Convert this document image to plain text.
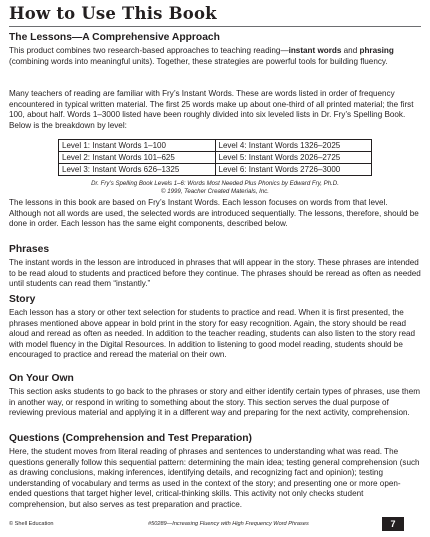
How to Use This Book
The Lessons—A Comprehensive Approach
This product combines two research-based approaches to teaching reading—instant words and phrasing (combining words into meaningful units). Together, these strategies are powerful tools for building fluency.
Many teachers of reading are familiar with Fry’s Instant Words. These are words listed in order of frequency encountered in typical written material. The first 25 words make up about one-third of all printed material; the first 100, about half. Words 1–3000 listed have been roughly divided into six leveled lists in Dr. Fry’s Spelling Book. Below is the breakdown by level:
Level 1: Instant Words 1–100	Level 4: Instant Words 1326–2025
Level 2: Instant Words 101–625	Level 5: Instant Words 2026–2725
Level 3: Instant Words 626–1325	Level 6: Instant Words 2726–3000
Dr. Fry’s Spelling Book Levels 1–6: Words Most Needed Plus Phonics by Edward Fry, Ph.D.
© 1999, Teacher Created Materials, Inc.
The lessons in this book are based on Fry’s Instant Words. Each lesson focuses on words from that level. Although not all words are used, the selected words are introduced sequentially. The lessons, therefore, should be done in order. Each lesson has the same eight components, described below.
Phrases
The instant words in the lesson are introduced in phrases that will appear in the story. These phrases are intended to be read aloud to students and practiced before they continue. The phrases should be reread as often as needed until students can read them “instantly.”
Story
Each lesson has a story or other text selection for students to practice and read. When it is first presented, the phrases mentioned above appear in bold print in the story for easy recognition. Again, the story should be read aloud and reread as often as needed. In addition to the teacher reading, students can also listen to the story read with model fluency in the Digital Resources. In addition to listening to good model reading, students should be encouraged to practice and reread the material on their own.
On Your Own
This section asks students to go back to the phrases or story and either identify certain types of phrases, use them in another way, or respond in writing to something about the story. This section serves the dual purpose of reviewing previous material and applying it in a different way and preparing for the next activity, comprehension.
Questions (Comprehension and Test Preparation)
Here, the student moves from literal reading of phrases and sentences to understanding what was read. The questions generally follow this sequential pattern: determining the main idea; testing general comprehension (such as drawing conclusions, making inferences, identifying details, and recognizing fact and opinion); testing understanding of vocabulary and terms as used in the context of the story; and presenting one or more open-ended questions that target higher level, critical-thinking skills. This activity not only checks student comprehension, but also serves as test preparation and practice.
© Shell Education	#50289—Increasing Fluency with High Frequency Word Phrases	7
